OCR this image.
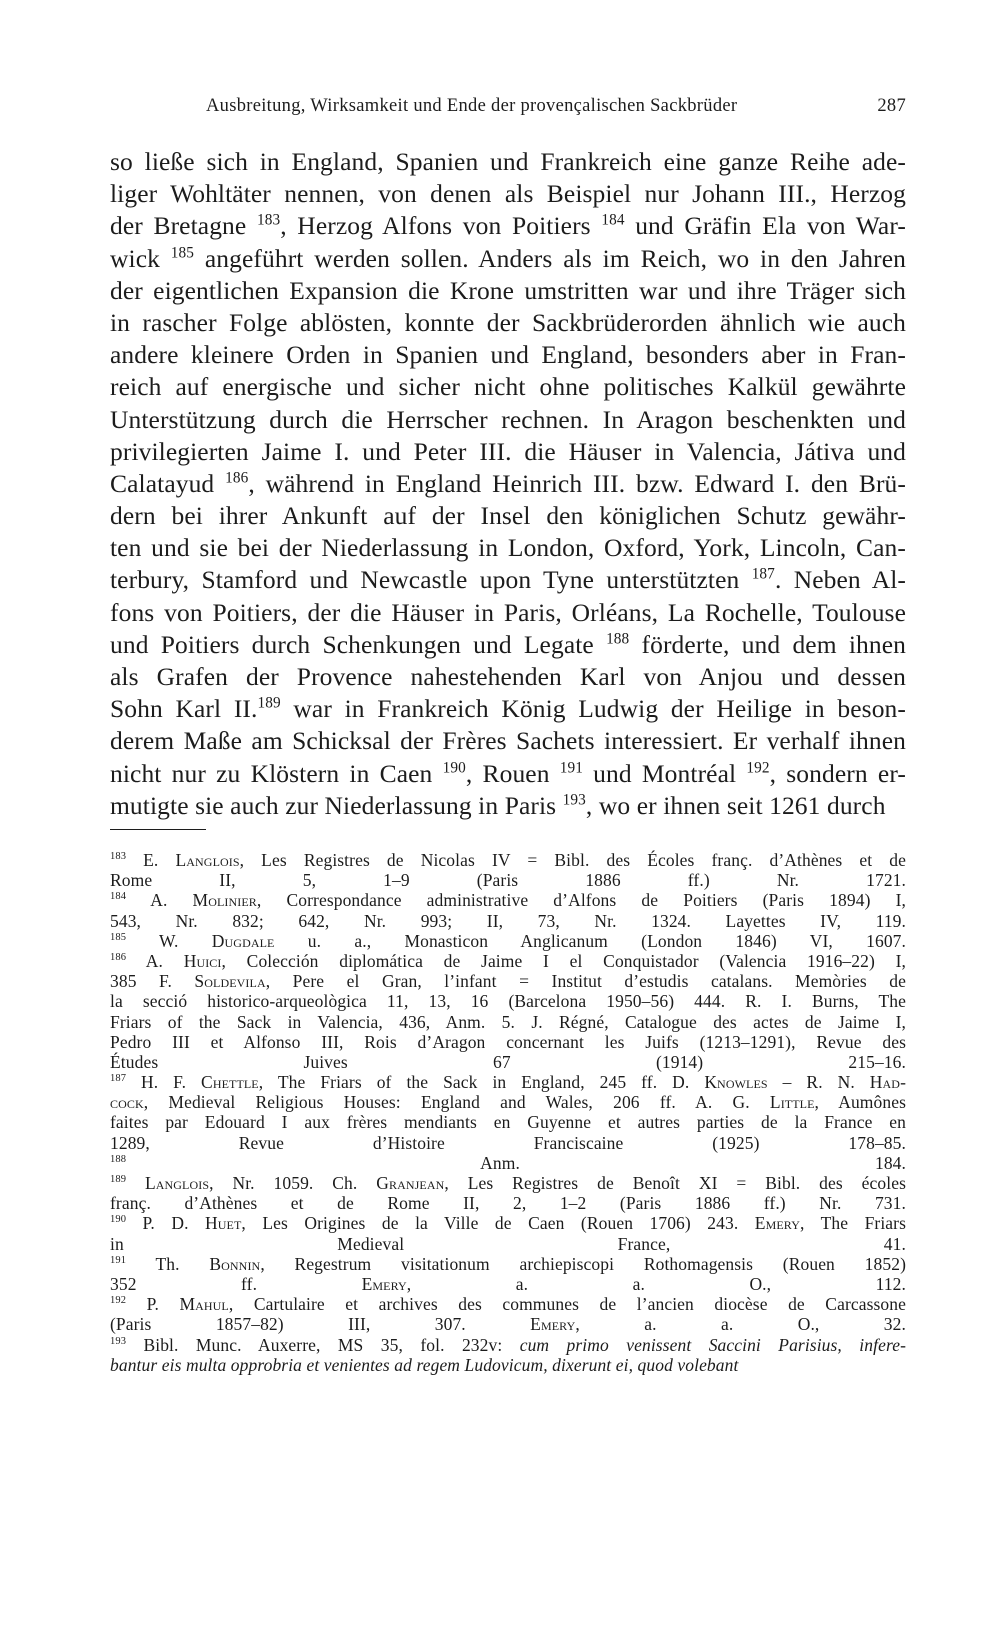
Ausbreitung, Wirksamkeit und Ende der provençalischen Sackbrüder	287
so ließe sich in England, Spanien und Frankreich eine ganze Reihe ade-
liger Wohltäter nennen, von denen als Beispiel nur Johann III., Herzog
der Bretagne $^{183}$, Herzog Alfons von Poitiers $^{184}$ und Gräfin Ela von War-
wick $^{185}$ angeführt werden sollen. Anders als im Reich, wo in den Jahren
der eigentlichen Expansion die Krone umstritten war und ihre Träger sich
in rascher Folge ablösten, konnte der Sackbrüderorden ähnlich wie auch
andere kleinere Orden in Spanien und England, besonders aber in Fran-
reich auf energische und sicher nicht ohne politisches Kalkül gewährte
Unterstützung durch die Herrscher rechnen. In Aragon beschenkten und
privilegierten Jaime I. und Peter III. die Häuser in Valencia, Játiva und
Calatayud $^{186}$, während in England Heinrich III. bzw. Edward I. den Brü-
dern bei ihrer Ankunft auf der Insel den königlichen Schutz gewähr-
ten und sie bei der Niederlassung in London, Oxford, York, Lincoln, Can-
terbury, Stamford und Newcastle upon Tyne unterstützten $^{187}$. Neben Al-
fons von Poitiers, der die Häuser in Paris, Orléans, La Rochelle, Toulouse
und Poitiers durch Schenkungen und Legate $^{188}$ förderte, und dem ihnen
als Grafen der Provence nahestehenden Karl von Anjou und dessen
Sohn Karl II.$^{189}$ war in Frankreich König Ludwig der Heilige in beson-
derem Maße am Schicksal der Frères Sachets interessiert. Er verhalf ihnen
nicht nur zu Klöstern in Caen $^{190}$, Rouen $^{191}$ und Montréal $^{192}$, sondern er-
mutigte sie auch zur Niederlassung in Paris $^{193}$, wo er ihnen seit 1261 durch
$^{183}$ E. Langlois, Les Registres de Nicolas IV = Bibl. des Écoles franç. d’Athènes et de
Rome II, 5, 1–9 (Paris 1886 ff.) Nr. 1721.
$^{184}$ A. Molinier, Correspondance administrative d’Alfons de Poitiers (Paris 1894) I,
543, Nr. 832; 642, Nr. 993; II, 73, Nr. 1324. Layettes IV, 119.
$^{185}$ W. Dugdale u. a., Monasticon Anglicanum (London 1846) VI, 1607.
$^{186}$ A. Huici, Colección diplomática de Jaime I el Conquistador (Valencia 1916–22) I,
385 F. Soldevila, Pere el Gran, l’infant = Institut d’estudis catalans. Memòries de
la secció historico-arqueològica 11, 13, 16 (Barcelona 1950–56) 444. R. I. Burns, The
Friars of the Sack in Valencia, 436, Anm. 5. J. Régné, Catalogue des actes de Jaime I,
Pedro III et Alfonso III, Rois d’Aragon concernant les Juifs (1213–1291), Revue des
Études Juives 67 (1914) 215–16.
$^{187}$ H. F. Chettle, The Friars of the Sack in England, 245 ff. D. Knowles – R. N. Had-
cock, Medieval Religious Houses: England and Wales, 206 ff. A. G. Little, Aumônes
faites par Edouard I aux frères mendiants en Guyenne et autres parties de la France en
1289, Revue d’Histoire Franciscaine (1925) 178–85.
$^{188}$ Anm. 184.
$^{189}$ Langlois, Nr. 1059. Ch. Granjean, Les Registres de Benoît XI = Bibl. des écoles
franç. d’Athènes et de Rome II, 2, 1–2 (Paris 1886 ff.) Nr. 731.
$^{190}$ P. D. Huet, Les Origines de la Ville de Caen (Rouen 1706) 243. Emery, The Friars
in Medieval France, 41.
$^{191}$ Th. Bonnin, Regestrum visitationum archiepiscopi Rothomagensis (Rouen 1852)
352 ff. Emery, a. a. O., 112.
$^{192}$ P. Mahul, Cartulaire et archives des communes de l’ancien diocèse de Carcassone
(Paris 1857–82) III, 307. Emery, a. a. O., 32.
$^{193}$ Bibl. Munc. Auxerre, MS 35, fol. 232v: cum primo venissent Saccini Parisius, infere-
bantur eis multa opprobria et venientes ad regem Ludovicum, dixerunt ei, quod volebant
